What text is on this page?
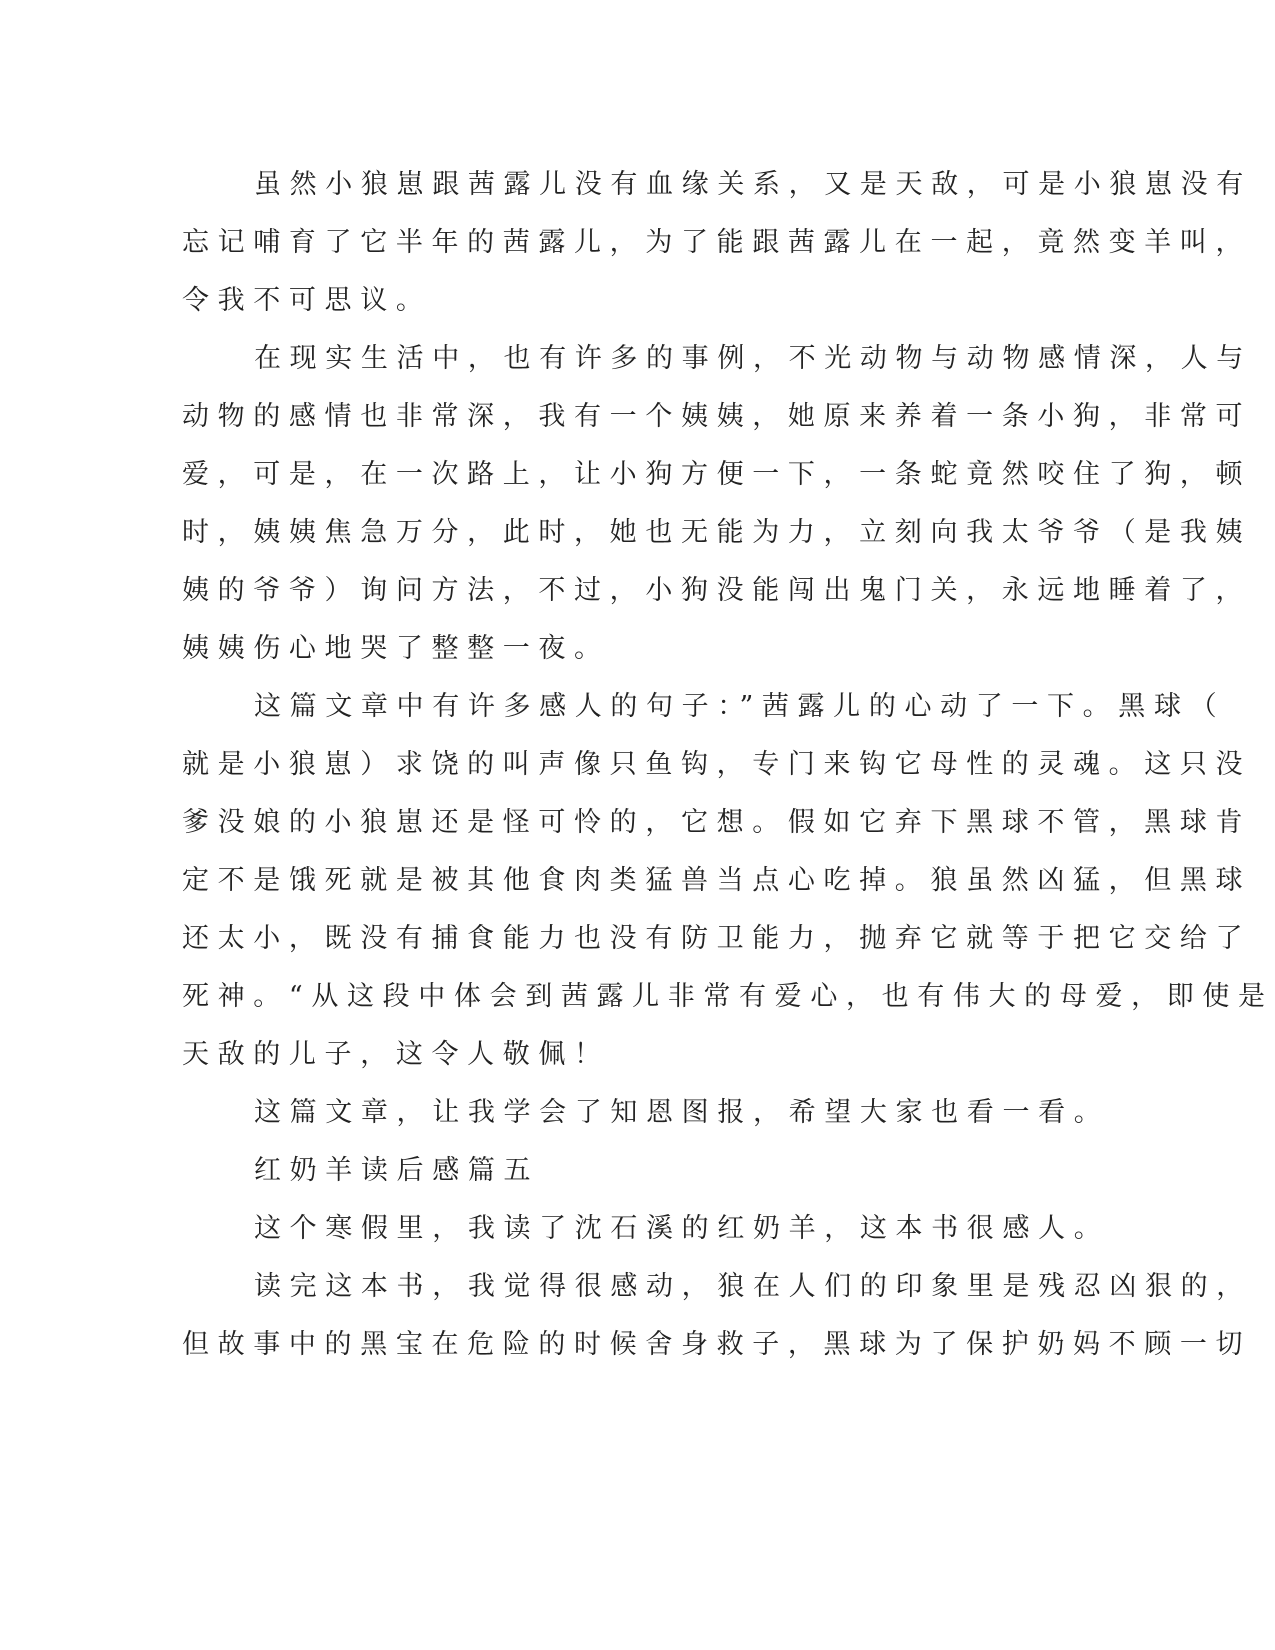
虽然小狼崽跟茜露儿没有血缘关系，又是天敌，可是小狼崽没有
忘记哺育了它半年的茜露儿，为了能跟茜露儿在一起，竟然变羊叫，
令我不可思议。
在现实生活中，也有许多的事例，不光动物与动物感情深，人与
动物的感情也非常深，我有一个姨姨，她原来养着一条小狗，非常可
爱，可是，在一次路上，让小狗方便一下，一条蛇竟然咬住了狗，顿
时，姨姨焦急万分，此时，她也无能为力，立刻向我太爷爷（是我姨
姨的爷爷）询问方法，不过，小狗没能闯出鬼门关，永远地睡着了，
姨姨伤心地哭了整整一夜。
这篇文章中有许多感人的句子：”茜露儿的心动了一下。黑球（
就是小狼崽）求饶的叫声像只鱼钩，专门来钩它母性的灵魂。这只没
爹没娘的小狼崽还是怪可怜的，它想。假如它弃下黑球不管，黑球肯
定不是饿死就是被其他食肉类猛兽当点心吃掉。狼虽然凶猛，但黑球
还太小，既没有捕食能力也没有防卫能力，抛弃它就等于把它交给了
死神。“从这段中体会到茜露儿非常有爱心，也有伟大的母爱，即使是
天敌的儿子，这令人敬佩！
这篇文章，让我学会了知恩图报，希望大家也看一看。
红奶羊读后感篇五
这个寒假里，我读了沈石溪的红奶羊，这本书很感人。
读完这本书，我觉得很感动，狼在人们的印象里是残忍凶狠的，
但故事中的黑宝在危险的时候舍身救子，黑球为了保护奶妈不顾一切
